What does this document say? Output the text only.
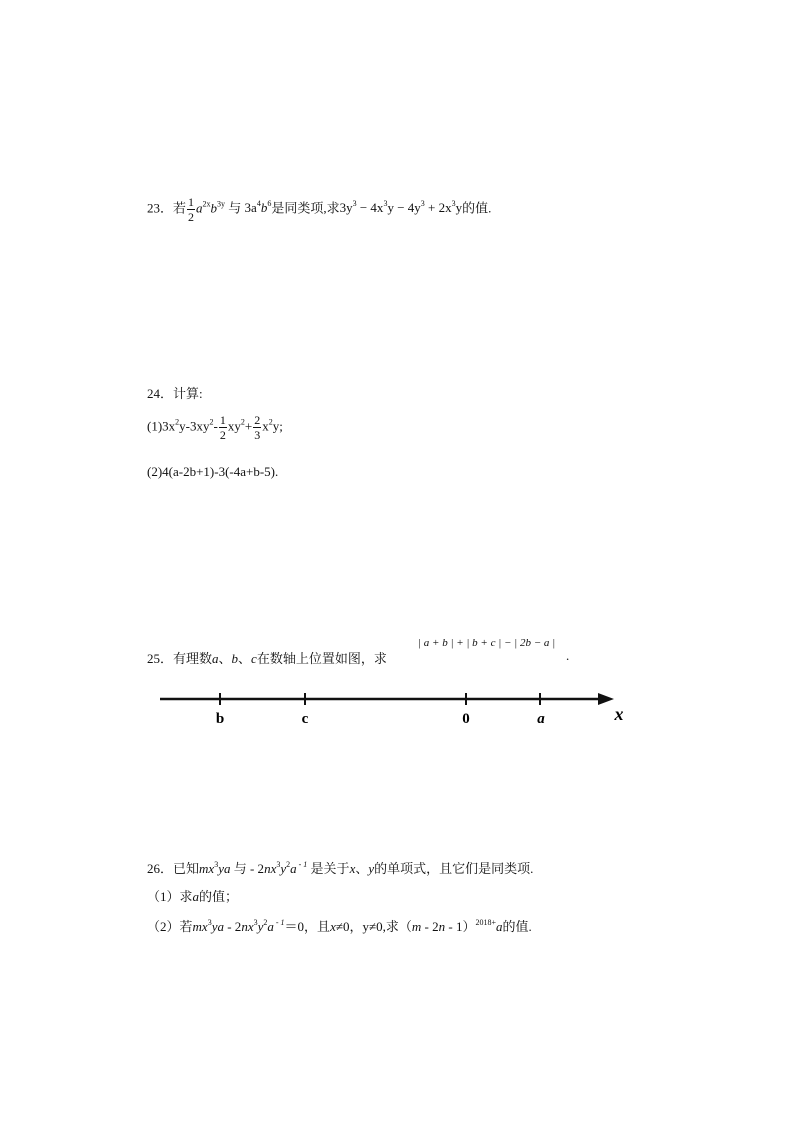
23．若 $\frac{1}{2} a^{2x}b^{3y}$ 与 $3a^4b^6$是同类项,求$3y^3 - 4x^3y - 4y^3 + 2x^3y$的值.
24．计算:
$(1)3x^2y-3xy^2- \frac{1}{2} xy^2+ \frac{2}{3} x^2y$;
(2)4(a-2b+1)-3(-4a+b-5).
25．有理数a、b、c在数轴上位置如图，求
| a + b | + | b + c | − | 2b − a |
.
b	c	0	a	x
26．已知$mx^3ya$ 与 - $2nx^3y^2a$ $^{- 1}$ 是关于x、y的单项式，且它们是同类项.
（1）求a的值；
（2）若$mx^3ya - 2nx^3y^2a$ $^{- 1}$＝0，且x≠0，y≠0,求（m - 2n - 1）$^{2018+}$a的值.
